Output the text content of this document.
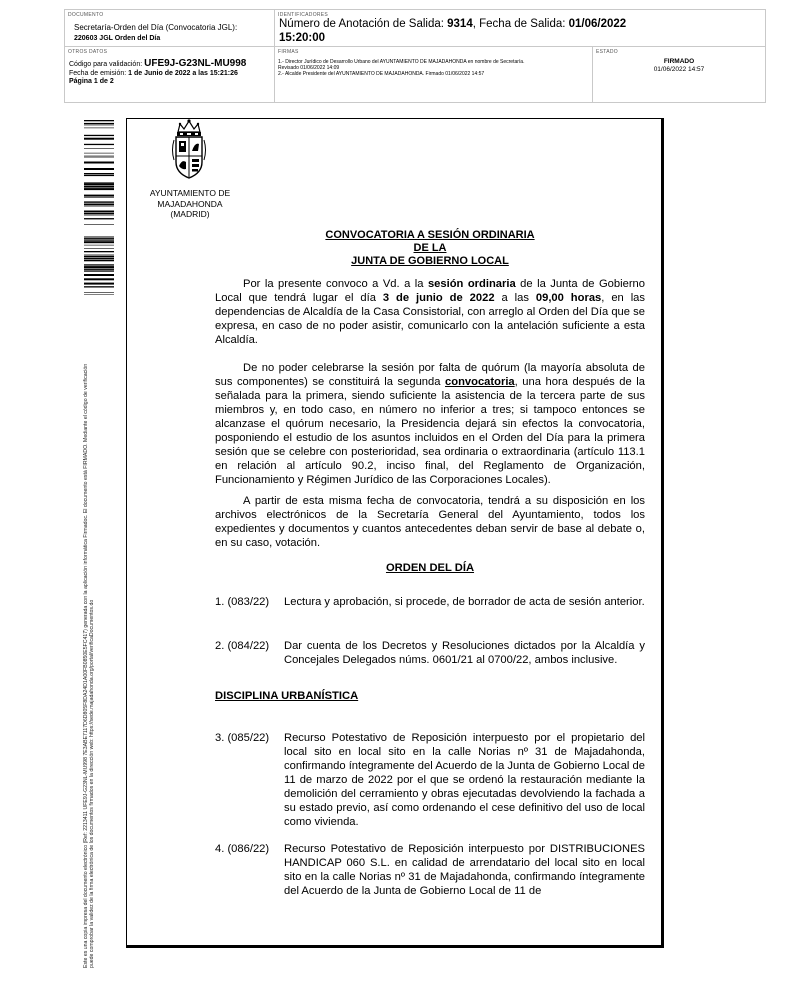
DOCUMENTO
Secretaría-Orden del Día (Convocatoria JGL):
220603 JGL Orden del Día
IDENTIFICADORES
Número de Anotación de Salida: 9314, Fecha de Salida: 01/06/2022
15:20:00
OTROS DATOS
Código para validación: UFE9J-G23NL-MU998
Fecha de emisión: 1 de Junio de 2022 a las 15:21:26
Página 1 de 2
FIRMAS
1.- Director Jurídico de Desarrollo Urbano del AYUNTAMIENTO DE MAJADAHONDA en nombre de Secretaría.
Revisado 01/06/2022 14:09
2.- Alcalde Presidente del AYUNTAMIENTO DE MAJADAHONDA. Firmado 01/06/2022 14:57
ESTADO
FIRMADO
01/06/2022 14:57
Este es una copia impresa del documento electrónico (Ref: 2213411 UFE9J-G23NL-MU998 7E3ABE7117D6D805F8DA24D1A00FB0850E5FC417) generada con la aplicación informática Firmadoc. El documento está FIRMADO. Mediante el código de verificación
puede comprobar la validez de la firma electrónica de los documentos firmados en la dirección web: https://sede.majadahonda.org/portal/verificaDocumentos.do
AYUNTAMIENTO DE
MAJADAHONDA
(MADRID)
CONVOCATORIA A SESIÓN ORDINARIA
DE LA
JUNTA DE GOBIERNO LOCAL
Por la presente convoco a Vd. a la sesión ordinaria de la Junta de Gobierno Local que tendrá lugar el día 3 de junio de 2022 a las 09,00 horas, en las dependencias de Alcaldía de la Casa Consistorial, con arreglo al Orden del Día que se expresa, en caso de no poder asistir, comunicarlo con la antelación suficiente a esta Alcaldía.
De no poder celebrarse la sesión por falta de quórum (la mayoría absoluta de sus componentes) se constituirá la segunda convocatoria, una hora después de la señalada para la primera, siendo suficiente la asistencia de la tercera parte de sus miembros y, en todo caso, en número no inferior a tres; si tampoco entonces se alcanzase el quórum necesario, la Presidencia dejará sin efectos la convocatoria, posponiendo el estudio de los asuntos incluidos en el Orden del Día para la primera sesión que se celebre con posterioridad, sea ordinaria o extraordinaria (artículo 113.1 en relación al artículo 90.2, inciso final, del Reglamento de Organización, Funcionamiento y Régimen Jurídico de las Corporaciones Locales).
A partir de esta misma fecha de convocatoria, tendrá a su disposición en los archivos electrónicos de la Secretaría General del Ayuntamiento, todos los expedientes y documentos y cuantos antecedentes deban servir de base al debate o, en su caso, votación.
ORDEN DEL DÍA
1. (083/22)	Lectura y aprobación, si procede, de borrador de acta de sesión anterior.
2. (084/22)	Dar cuenta de los Decretos y Resoluciones dictados por la Alcaldía y Concejales Delegados núms. 0601/21 al 0700/22, ambos inclusive.
DISCIPLINA URBANÍSTICA
3. (085/22)	Recurso Potestativo de Reposición interpuesto por el propietario del local sito en local sito en la calle Norias nº 31 de Majadahonda, confirmando íntegramente del Acuerdo de la Junta de Gobierno Local de 11 de marzo de 2022 por el que se ordenó la restauración mediante la demolición del cerramiento y obras ejecutadas devolviendo la fachada a su estado previo, así como ordenando el cese definitivo del uso de local como vivienda.
4. (086/22)	Recurso Potestativo de Reposición interpuesto por DISTRIBUCIONES HANDICAP 060 S.L. en calidad de arrendatario del local sito en local sito en la calle Norias nº 31 de Majadahonda, confirmando íntegramente del Acuerdo de la Junta de Gobierno Local de 11 de
